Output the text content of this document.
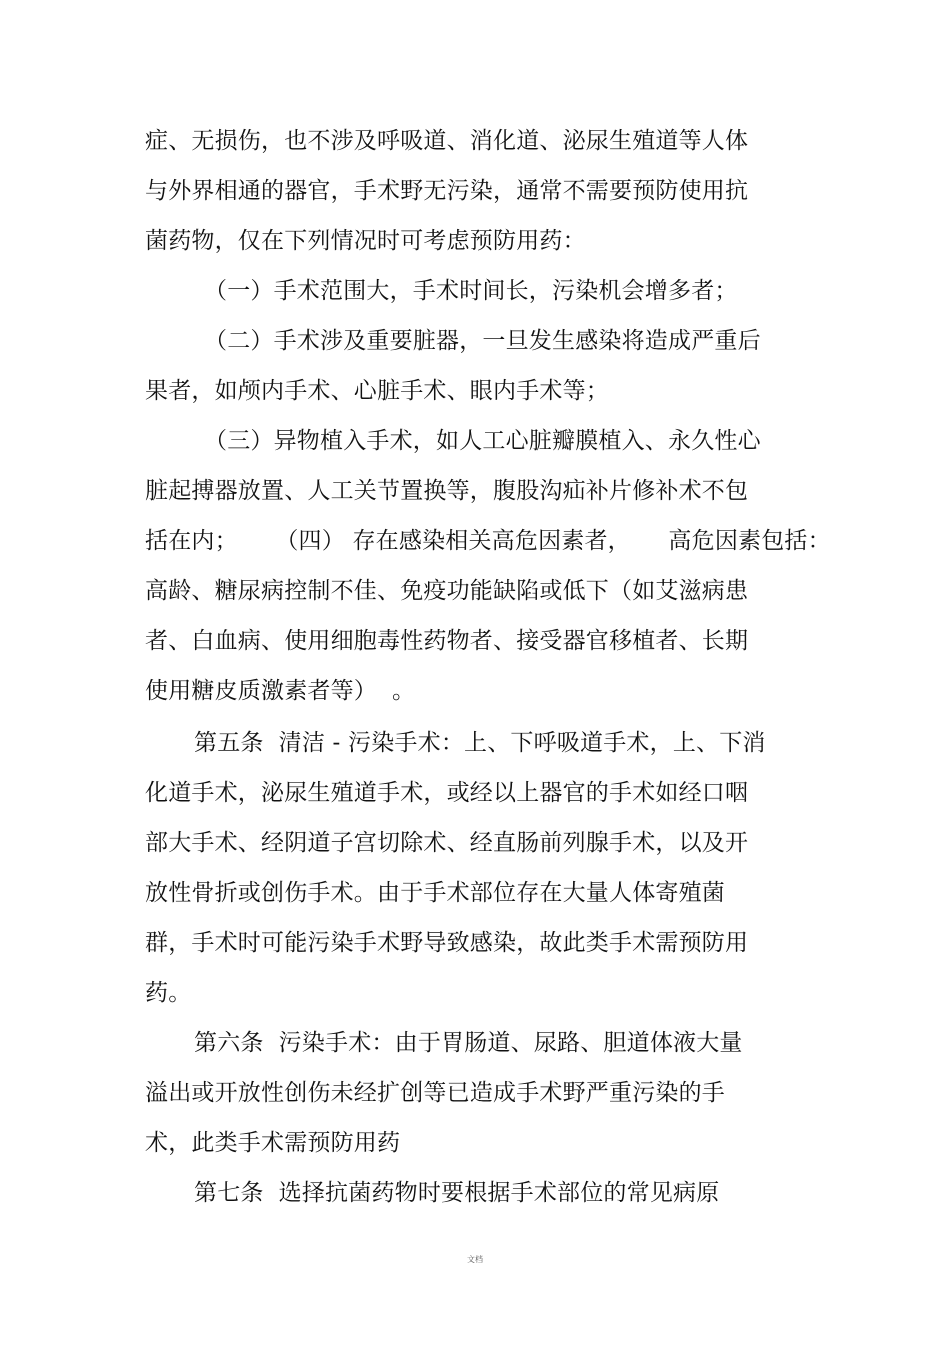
症、无损伤，也不涉及呼吸道、消化道、泌尿生殖道等人体
与外界相通的器官，手术野无污染，通常不需要预防使用抗
菌药物，仅在下列情况时可考虑预防用药：
（一）手术范围大，手术时间长，污染机会增多者；
（二）手术涉及重要脏器，一旦发生感染将造成严重后
果者，如颅内手术、心脏手术、眼内手术等；
（三）异物植入手术，如人工心脏瓣膜植入、永久性心
脏起搏器放置、人工关节置换等，腹股沟疝补片修补术不包
括在内；     （四） 存在感染相关高危因素者，     高危因素包括：
高龄、糖尿病控制不佳、免疫功能缺陷或低下（如艾滋病患
者、白血病、使用细胞毒性药物者、接受器官移植者、长期
使用糖皮质激素者等）  。
第五条  清洁 - 污染手术：上、下呼吸道手术，上、下消
化道手术，泌尿生殖道手术，或经以上器官的手术如经口咽
部大手术、经阴道子宫切除术、经直肠前列腺手术，以及开
放性骨折或创伤手术。由于手术部位存在大量人体寄殖菌
群，手术时可能污染手术野导致感染，故此类手术需预防用
药。
第六条  污染手术：由于胃肠道、尿路、胆道体液大量
溢出或开放性创伤未经扩创等已造成手术野严重污染的手
术，此类手术需预防用药
第七条  选择抗菌药物时要根据手术部位的常见病原
文档
